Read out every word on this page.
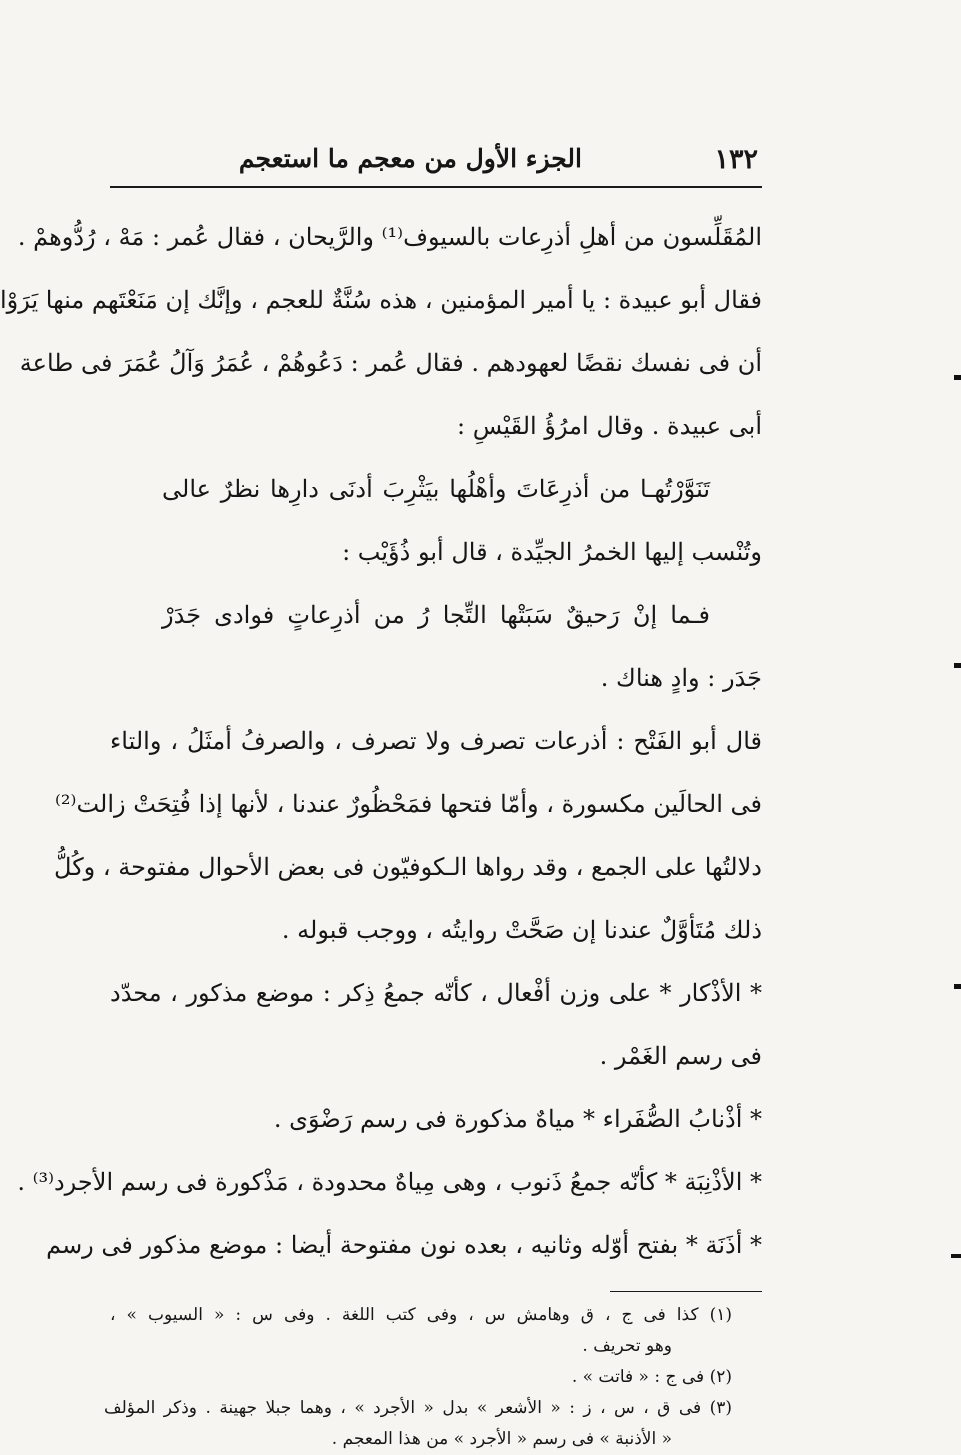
١٣٢
الجزء الأول من معجم ما استعجم
المُقَلِّسون من أهلِ أذرِعات بالسيوف⁽¹⁾ والرَّيحان ، فقال عُمر : مَهْ ، رُدُّوهمْ .
فقال أبو عبيدة : يا أمير المؤمنين ، هذه سُنَّةٌ للعجم ، وإنَّك إن مَنَعْتَهم منها يَرَوْا
أن فى نفسك نقضًا لعهودهم . فقال عُمر : دَعُوهُمْ ، عُمَرُ وَآلُ عُمَرَ فى طاعة
أبى عبيدة . وقال امرُؤُ القَيْسِ :
تَنَوَّرْتُهـا من أذرِعَاتَ وأهْلُها بيَثْرِبَ أدنَى دارِها نظرٌ عالى
وتُنْسب إليها الخمرُ الجيِّدة ، قال أبو ذُؤَيْب :
فـما إنْ رَحيقٌ سَبَتْها التِّجا رُ من أذرِعاتٍ فوادى جَدَرْ
جَدَر : وادٍ هناك .
قال أبو الفَتْح : أذرعات تصرف ولا تصرف ، والصرفُ أمثَلُ ، والتاء
فى الحالَين مكسورة ، وأمّا فتحها فمَحْظُورٌ عندنا ، لأنها إذا فُتِحَتْ زالت⁽²⁾
دلالتُها على الجمع ، وقد رواها الـكوفيّون فى بعض الأحوال مفتوحة ، وكُلُّ
ذلك مُتَأوَّلٌ عندنا إن صَحَّتْ روايتُه ، ووجب قبوله .
* الأذْكار * على وزن أفْعال ، كأنّه جمعُ ذِكر : موضع مذكور ، محدّد
فى رسم الغَمْر .
* أذْنابُ الصُّفَراء * مياهٌ مذكورة فى رسم رَضْوَى .
* الأذْنِبَة * كأنّه جمعُ ذَنوب ، وهى مِياهٌ محدودة ، مَذْكورة فى رسم الأجرد⁽³⁾ .
* أذَنَة * بفتح أوّله وثانيه ، بعده نون مفتوحة أيضا : موضع مذكور فى رسم
(١) كذا فى ج ، ق وهامش س ، وفى كتب اللغة . وفى س : « السيوب » ،
وهو تحريف .
(٢) فى ج : « فاتت » .
(٣) فى ق ، س ، ز : « الأشعر » بدل « الأجرد » ، وهما جبلا جهينة . وذكر المؤلف
« الأذنبة » فى رسم « الأجرد » من هذا المعجم .
